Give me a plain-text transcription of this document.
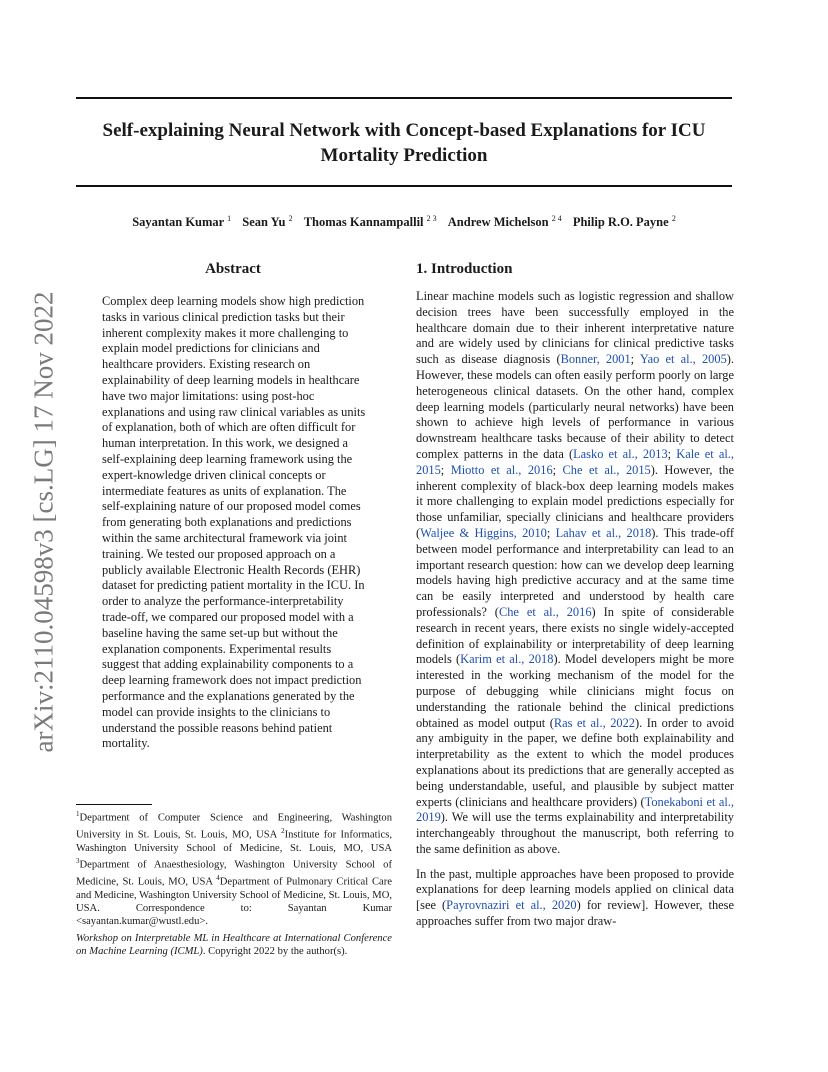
Self-explaining Neural Network with Concept-based Explanations for ICU Mortality Prediction
Sayantan Kumar $^1$ Sean Yu $^2$ Thomas Kannampallil $^{2 3}$ Andrew Michelson $^{2 4}$ Philip R.O. Payne $^2$
arXiv:2110.04598v3 [cs.LG] 17 Nov 2022
Abstract
Complex deep learning models show high prediction tasks in various clinical prediction tasks but their inherent complexity makes it more challenging to explain model predictions for clinicians and healthcare providers. Existing research on explainability of deep learning models in healthcare have two major limitations: using post-hoc explanations and using raw clinical variables as units of explanation, both of which are often difficult for human interpretation. In this work, we designed a self-explaining deep learning framework using the expert-knowledge driven clinical concepts or intermediate features as units of explanation. The self-explaining nature of our proposed model comes from generating both explanations and predictions within the same architectural framework via joint training. We tested our proposed approach on a publicly available Electronic Health Records (EHR) dataset for predicting patient mortality in the ICU. In order to analyze the performance-interpretability trade-off, we compared our proposed model with a baseline having the same set-up but without the explanation components. Experimental results suggest that adding explainability components to a deep learning framework does not impact prediction performance and the explanations generated by the model can provide insights to the clinicians to understand the possible reasons behind patient mortality.
1. Introduction

Linear machine models such as logistic regression and shallow decision trees have been successfully employed in the healthcare domain due to their inherent interpretative nature and are widely used by clinicians for clinical predictive tasks such as disease diagnosis (Bonner, 2001; Yao et al., 2005). However, these models can often easily perform poorly on large heterogeneous clinical datasets. On the other hand, complex deep learning models (particularly neural networks) have been shown to achieve high levels of performance in various downstream healthcare tasks because of their ability to detect complex patterns in the data (Lasko et al., 2013; Kale et al., 2015; Miotto et al., 2016; Che et al., 2015). However, the inherent complexity of black-box deep learning models makes it more challenging to explain model predictions especially for those unfamiliar, specially clinicians and healthcare providers (Waljee & Higgins, 2010; Lahav et al., 2018). This trade-off between model performance and interpretability can lead to an important research question: how can we develop deep learning models having high predictive accuracy and at the same time can be easily interpreted and understood by health care professionals? (Che et al., 2016) In spite of considerable research in recent years, there exists no single widely-accepted definition of explainability or interpretability of deep learning models (Karim et al., 2018). Model developers might be more interested in the working mechanism of the model for the purpose of debugging while clinicians might focus on understanding the rationale behind the clinical predictions obtained as model output (Ras et al., 2022). In order to avoid any ambiguity in the paper, we define both explainability and interpretability as the extent to which the model produces explanations about its predictions that are generally accepted as being understandable, useful, and plausible by subject matter experts (clinicians and healthcare providers) (Tonekaboni et al., 2019). We will use the terms explainability and interpretability interchangeably throughout the manuscript, both referring to the same definition as above.

In the past, multiple approaches have been proposed to provide explanations for deep learning models applied on clinical data [see (Payrovnaziri et al., 2020) for review]. However, these approaches suffer from two major draw-

$^1$Department of Computer Science and Engineering, Washington University in St. Louis, St. Louis, MO, USA $^2$Institute for Informatics, Washington University School of Medicine, St. Louis, MO, USA $^3$Department of Anaesthesiology, Washington University School of Medicine, St. Louis, MO, USA $^4$Department of Pulmonary Critical Care and Medicine, Washington University School of Medicine, St. Louis, MO, USA. Correspondence to: Sayantan Kumar <sayantan.kumar@wustl.edu>.
Workshop on Interpretable ML in Healthcare at International Conference on Machine Learning (ICML). Copyright 2022 by the author(s).
